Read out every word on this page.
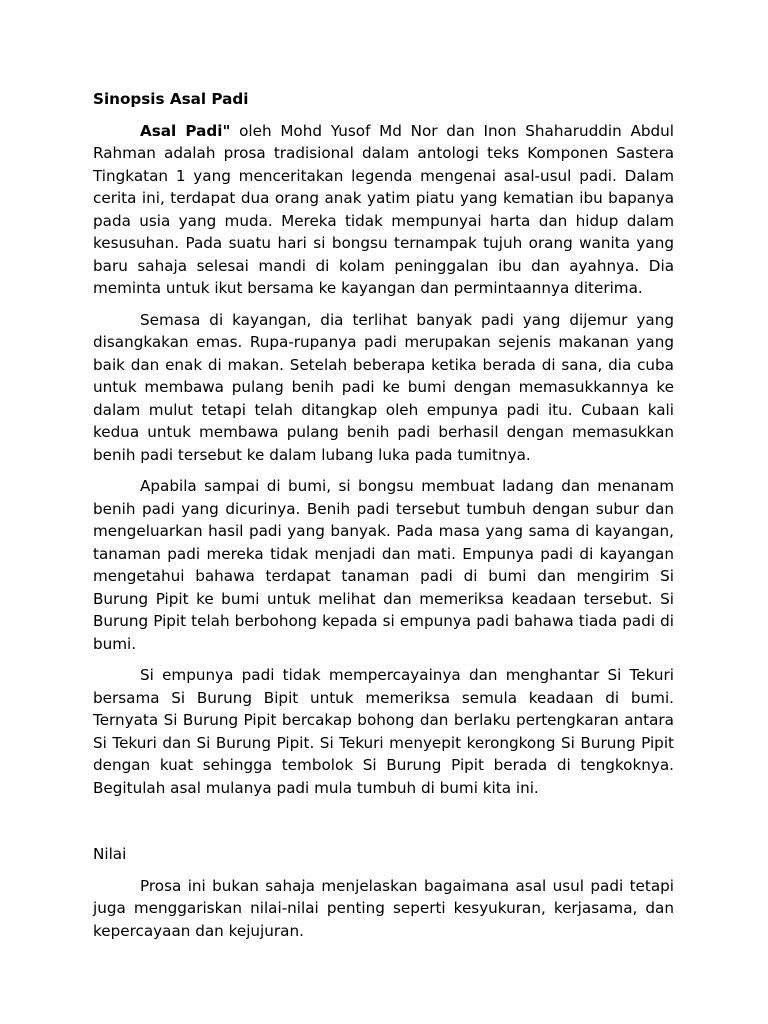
Sinopsis Asal Padi

Asal Padi" oleh Mohd Yusof Md Nor dan Inon Shaharuddin Abdul Rahman adalah prosa tradisional dalam antologi teks Komponen Sastera Tingkatan 1 yang menceritakan legenda mengenai asal-usul padi. Dalam cerita ini, terdapat dua orang anak yatim piatu yang kematian ibu bapanya pada usia yang muda. Mereka tidak mempunyai harta dan hidup dalam kesusuhan. Pada suatu hari si bongsu ternampak tujuh orang wanita yang baru sahaja selesai mandi di kolam peninggalan ibu dan ayahnya. Dia meminta untuk ikut bersama ke kayangan dan permintaannya diterima.

Semasa di kayangan, dia terlihat banyak padi yang dijemur yang disangkakan emas. Rupa-rupanya padi merupakan sejenis makanan yang baik dan enak di makan. Setelah beberapa ketika berada di sana, dia cuba untuk membawa pulang benih padi ke bumi dengan memasukkannya ke dalam mulut tetapi telah ditangkap oleh empunya padi itu. Cubaan kali kedua untuk membawa pulang benih padi berhasil dengan memasukkan benih padi tersebut ke dalam lubang luka pada tumitnya.

Apabila sampai di bumi, si bongsu membuat ladang dan menanam benih padi yang dicurinya. Benih padi tersebut tumbuh dengan subur dan mengeluarkan hasil padi yang banyak. Pada masa yang sama di kayangan, tanaman padi mereka tidak menjadi dan mati. Empunya padi di kayangan mengetahui bahawa terdapat tanaman padi di bumi dan mengirim Si Burung Pipit ke bumi untuk melihat dan memeriksa keadaan tersebut. Si Burung Pipit telah berbohong kepada si empunya padi bahawa tiada padi di bumi.

Si empunya padi tidak mempercayainya dan menghantar Si Tekuri bersama Si Burung Bipit untuk memeriksa semula keadaan di bumi. Ternyata Si Burung Pipit bercakap bohong dan berlaku pertengkaran antara Si Tekuri dan Si Burung Pipit. Si Tekuri menyepit kerongkong Si Burung Pipit dengan kuat sehingga tembolok Si Burung Pipit berada di tengkoknya. Begitulah asal mulanya padi mula tumbuh di bumi kita ini.

Nilai

Prosa ini bukan sahaja menjelaskan bagaimana asal usul padi tetapi juga menggariskan nilai-nilai penting seperti kesyukuran, kerjasama, dan kepercayaan dan kejujuran.
